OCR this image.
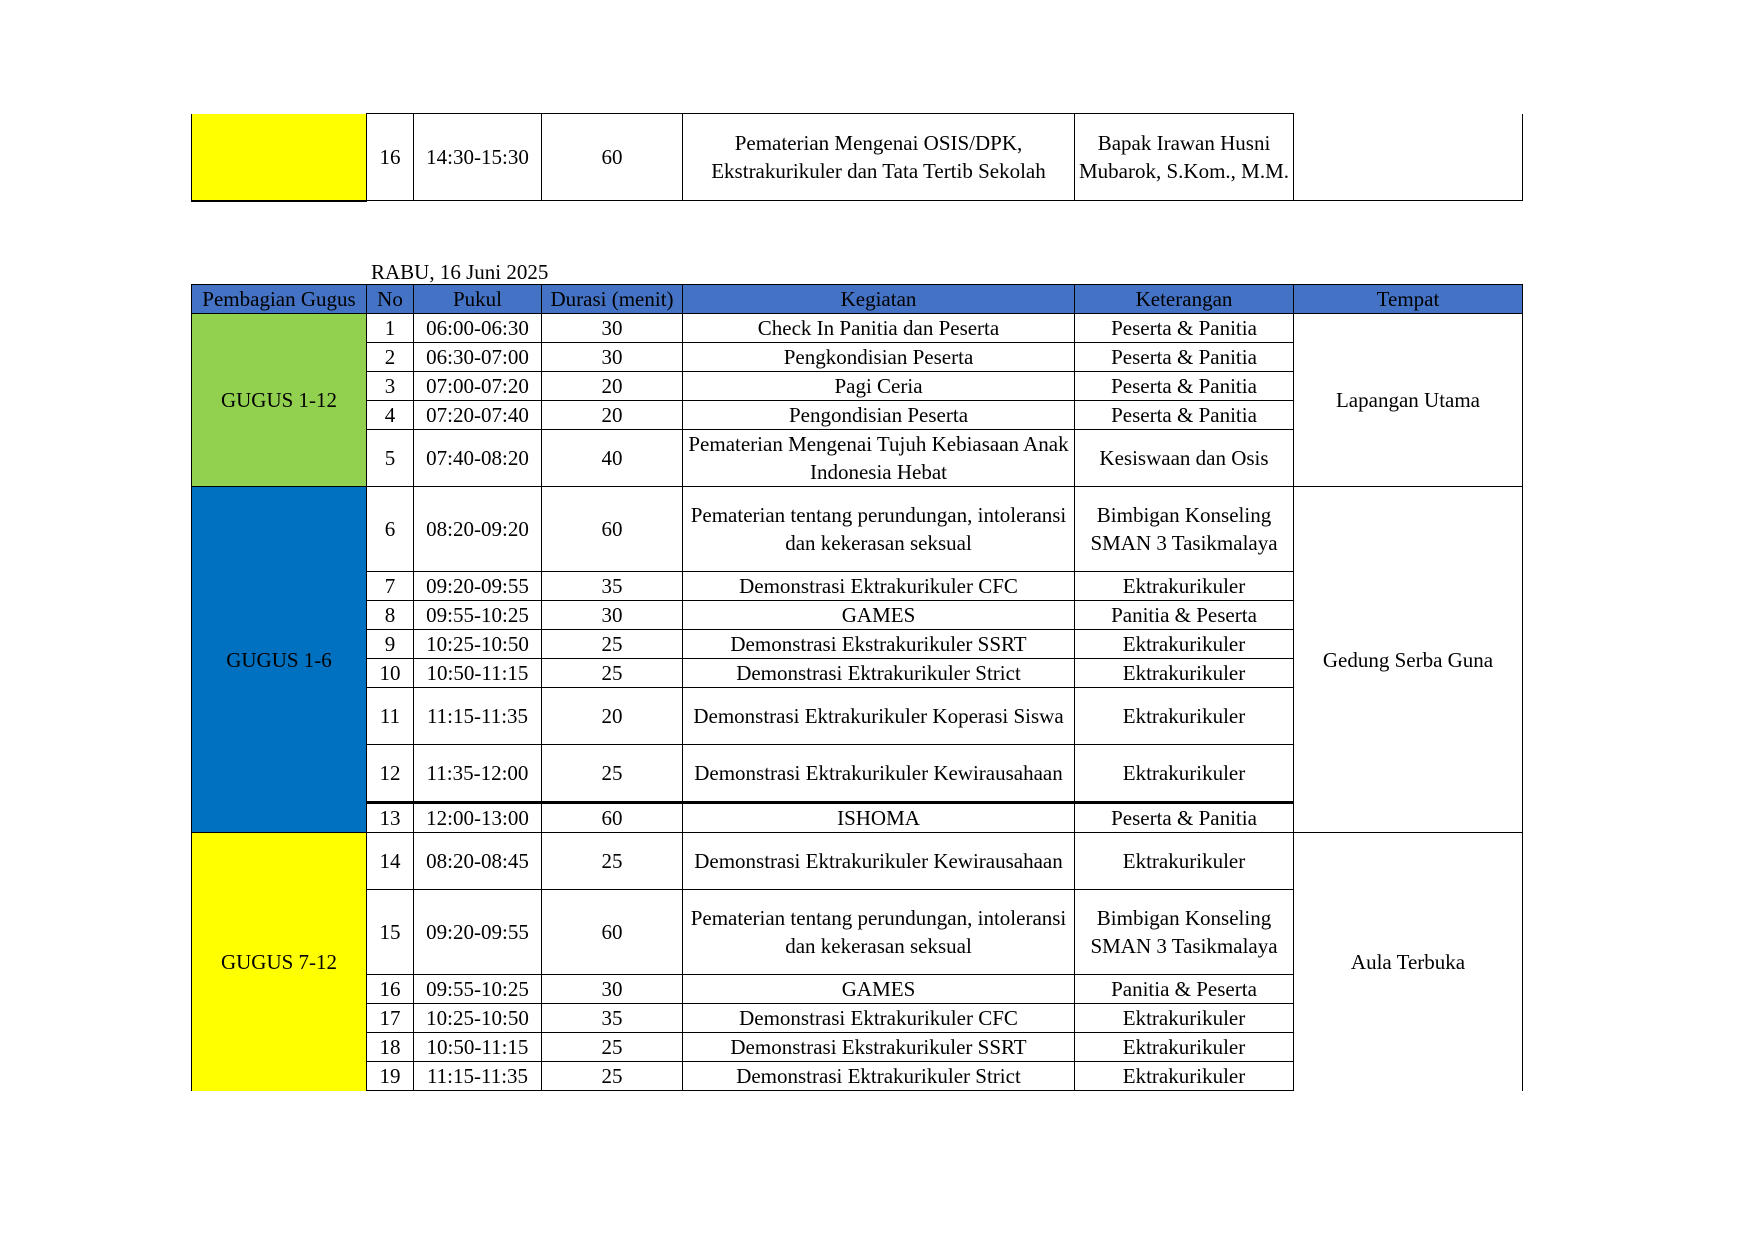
	16	14:30-15:30	60	Pematerian Mengenai OSIS/DPK, Ekstrakurikuler dan Tata Tertib Sekolah	Bapak Irawan Husni Mubarok, S.Kom., M.M.	
RABU, 16 Juni 2025
Pembagian Gugus	No	Pukul	Durasi (menit)	Kegiatan	Keterangan	Tempat
GUGUS 1-12	1	06:00-06:30	30	Check In Panitia dan Peserta	Peserta & Panitia	Lapangan Utama
	2	06:30-07:00	30	Pengkondisian Peserta	Peserta & Panitia	
	3	07:00-07:20	20	Pagi Ceria	Peserta & Panitia	
	4	07:20-07:40	20	Pengondisian Peserta	Peserta & Panitia	
	5	07:40-08:20	40	Pematerian Mengenai Tujuh Kebiasaan Anak Indonesia Hebat	Kesiswaan dan Osis	
GUGUS 1-6	6	08:20-09:20	60	Pematerian tentang perundungan, intoleransi dan kekerasan seksual	Bimbigan Konseling SMAN 3 Tasikmalaya	Gedung Serba Guna
	7	09:20-09:55	35	Demonstrasi Ektrakurikuler CFC	Ektrakurikuler	
	8	09:55-10:25	30	GAMES	Panitia & Peserta	
	9	10:25-10:50	25	Demonstrasi Ekstrakurikuler SSRT	Ektrakurikuler	
	10	10:50-11:15	25	Demonstrasi Ektrakurikuler Strict	Ektrakurikuler	
	11	11:15-11:35	20	Demonstrasi Ektrakurikuler Koperasi Siswa	Ektrakurikuler	
	12	11:35-12:00	25	Demonstrasi Ektrakurikuler Kewirausahaan	Ektrakurikuler	
	13	12:00-13:00	60	ISHOMA	Peserta & Panitia	
GUGUS 7-12	14	08:20-08:45	25	Demonstrasi Ektrakurikuler Kewirausahaan	Ektrakurikuler	Aula Terbuka
	15	09:20-09:55	60	Pematerian tentang perundungan, intoleransi dan kekerasan seksual	Bimbigan Konseling SMAN 3 Tasikmalaya	
	16	09:55-10:25	30	GAMES	Panitia & Peserta	
	17	10:25-10:50	35	Demonstrasi Ektrakurikuler CFC	Ektrakurikuler	
	18	10:50-11:15	25	Demonstrasi Ekstrakurikuler SSRT	Ektrakurikuler	
	19	11:15-11:35	25	Demonstrasi Ektrakurikuler Strict	Ektrakurikuler	
